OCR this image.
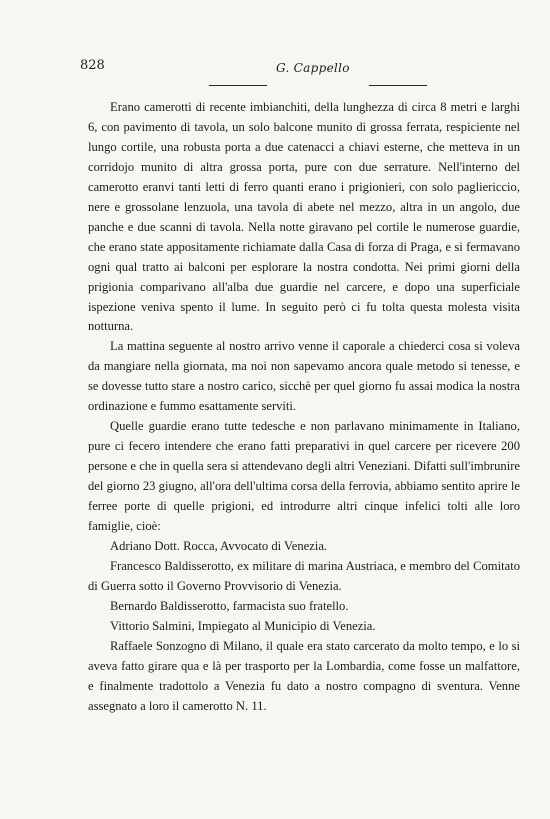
828	G. Cappello

Erano camerotti di recente imbianchiti, della lunghezza di circa 8 metri e larghi 6, con pavimento di tavola, un solo balcone munito di grossa ferrata, respiciente nel lungo cortile, una robusta porta a due catenacci a chiavi esterne, che metteva in un corridojo munito di altra grossa porta, pure con due serrature. Nell'interno del camerotto eranvi tanti letti di ferro quanti erano i prigionieri, con solo pagliericcio, nere e grossolane lenzuola, una tavola di abete nel mezzo, altra in un angolo, due panche e due scanni di tavola. Nella notte giravano pel cortile le numerose guardie, che erano state appositamente richiamate dalla Casa di forza di Praga, e si fermavano ogni qual tratto ai balconi per esplorare la nostra condotta. Nei primi giorni della prigionia comparivano all'alba due guardie nel carcere, e dopo una superficiale ispezione veniva spento il lume. In seguito però ci fu tolta questa molesta visita notturna.

La mattina seguente al nostro arrivo venne il caporale a chiederci cosa si voleva da mangiare nella giornata, ma noi non sapevamo ancora quale metodo si tenesse, e se dovesse tutto stare a nostro carico, sicchè per quel giorno fu assai modica la nostra ordinazione e fummo esattamente serviti.

Quelle guardie erano tutte tedesche e non parlavano minimamente in Italiano, pure ci fecero intendere che erano fatti preparativi in quel carcere per ricevere 200 persone e che in quella sera si attendevano degli altri Veneziani. Difatti sull'imbrunire del giorno 23 giugno, all'ora dell'ultima corsa della ferrovia, abbiamo sentito aprire le ferree porte di quelle prigioni, ed introdurre altri cinque infelici tolti alle loro famiglie, cioè:

Adriano Dott. Rocca, Avvocato di Venezia.

Francesco Baldisserotto, ex militare di marina Austriaca, e membro del Comitato di Guerra sotto il Governo Provvisorio di Venezia.

Bernardo Baldisserotto, farmacista suo fratello.

Vittorio Salmini, Impiegato al Municipio di Venezia.

Raffaele Sonzogno di Milano, il quale era stato carcerato da molto tempo, e lo si aveva fatto girare qua e là per trasporto per la Lombardia, come fosse un malfattore, e finalmente tradottolo a Venezia fu dato a nostro compagno di sventura. Venne assegnato a loro il camerotto N. 11.
